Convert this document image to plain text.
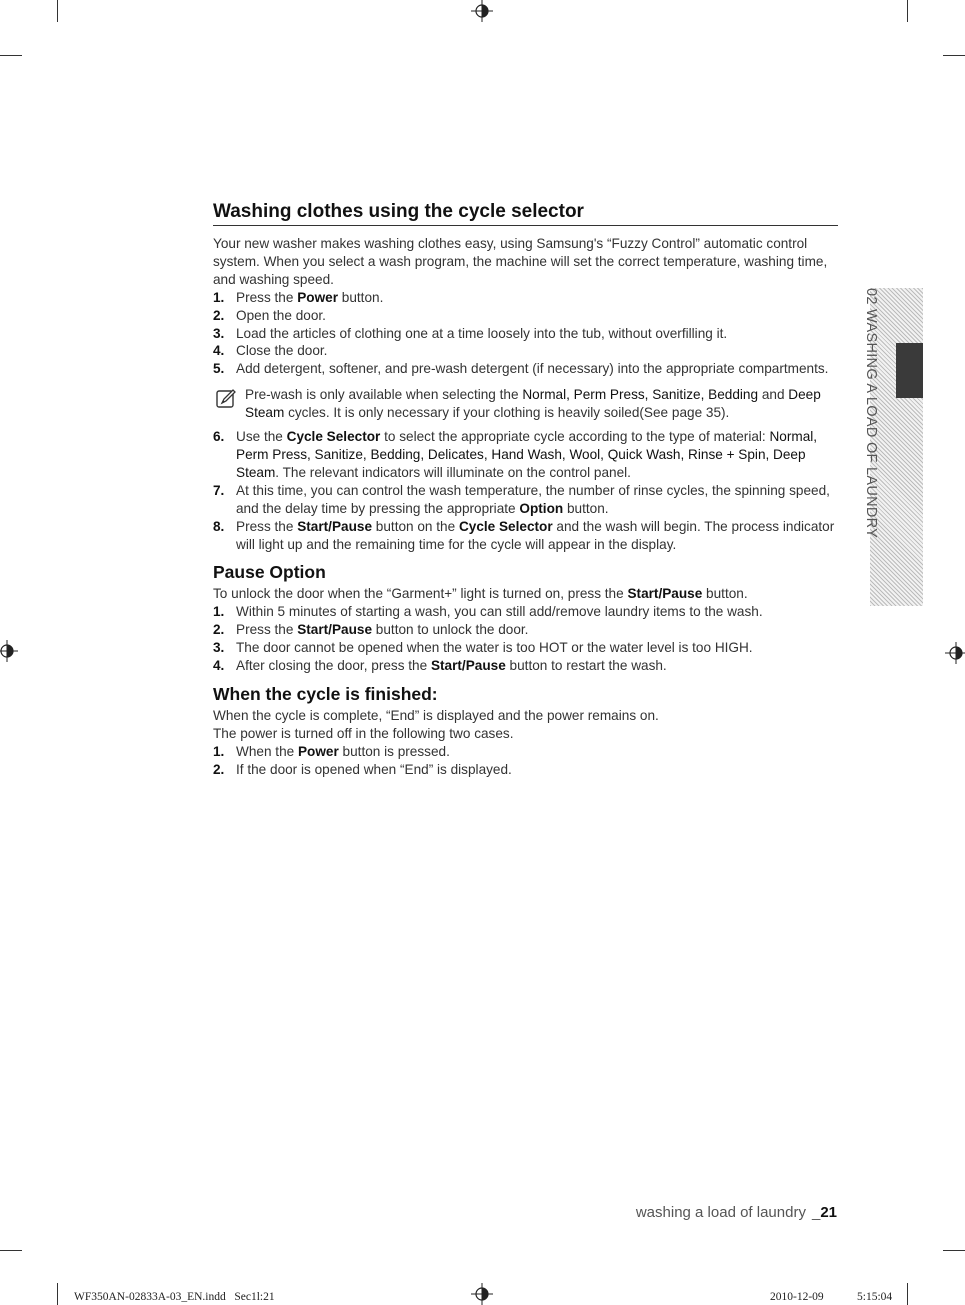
02 WASHING A LOAD OF LAUNDRY
Washing clothes using the cycle selector

Your new washer makes washing clothes easy, using Samsung's “Fuzzy Control” automatic control system. When you select a wash program, the machine will set the correct temperature, washing time, and washing speed.

1. Press the Power button.
2. Open the door.
3. Load the articles of clothing one at a time loosely into the tub, without overfilling it.
4. Close the door.
5. Add detergent, softener, and pre-wash detergent (if necessary) into the appropriate compartments.
Pre-wash is only available when selecting the Normal, Perm Press, Sanitize, Bedding and Deep Steam cycles. It is only necessary if your clothing is heavily soiled(See page 35).
6. Use the Cycle Selector to select the appropriate cycle according to the type of material: Normal, Perm Press, Sanitize, Bedding, Delicates, Hand Wash, Wool, Quick Wash, Rinse + Spin, Deep Steam. The relevant indicators will illuminate on the control panel.
7. At this time, you can control the wash temperature, the number of rinse cycles, the spinning speed, and the delay time by pressing the appropriate Option button.
8. Press the Start/Pause button on the Cycle Selector and the wash will begin. The process indicator will light up and the remaining time for the cycle will appear in the display.
Pause Option

To unlock the door when the “Garment+” light is turned on, press the Start/Pause button.

1. Within 5 minutes of starting a wash, you can still add/remove laundry items to the wash.
2. Press the Start/Pause button to unlock the door.
3. The door cannot be opened when the water is too HOT or the water level is too HIGH.
4. After closing the door, press the Start/Pause button to restart the wash.
When the cycle is finished:

When the cycle is complete, “End” is displayed and the power remains on.

The power is turned off in the following two cases.

1. When the Power button is pressed.
2. If the door is opened when “End” is displayed.
washing a load of laundry _21
WF350AN-02833A-03_EN.indd   Sec1l:21	2010-12-09	5:15:04
